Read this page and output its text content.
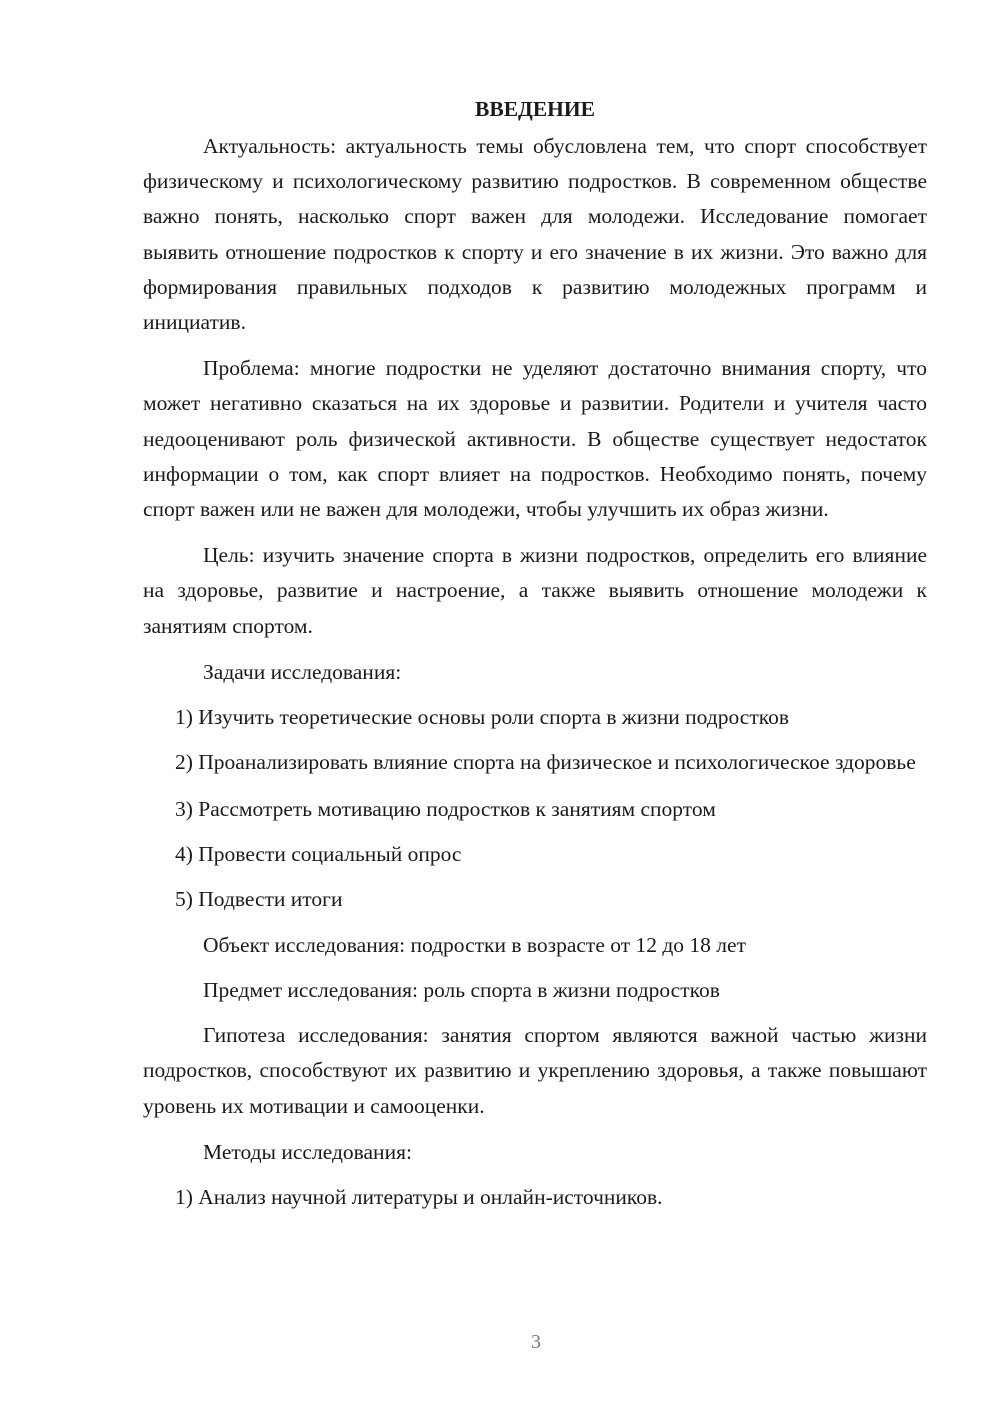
ВВЕДЕНИЕ

Актуальность: актуальность темы обусловлена тем, что спорт способствует физическому и психологическому развитию подростков. В современном обществе важно понять, насколько спорт важен для молодежи. Исследование помогает выявить отношение подростков к спорту и его значение в их жизни. Это важно для формирования правильных подходов к развитию молодежных программ и инициатив.

Проблема: многие подростки не уделяют достаточно внимания спорту, что может негативно сказаться на их здоровье и развитии. Родители и учителя часто недооценивают роль физической активности. В обществе существует недостаток информации о том, как спорт влияет на подростков. Необходимо понять, почему спорт важен или не важен для молодежи, чтобы улучшить их образ жизни.

Цель: изучить значение спорта в жизни подростков, определить его влияние на здоровье, развитие и настроение, а также выявить отношение молодежи к занятиям спортом.

Задачи исследования:

1) Изучить теоретические основы роли спорта в жизни подростков

2) Проанализировать влияние спорта на физическое и психологическое здоровье

3) Рассмотреть мотивацию подростков к занятиям спортом

4) Провести социальный опрос

5) Подвести итоги

Объект исследования: подростки в возрасте от 12 до 18 лет

Предмет исследования: роль спорта в жизни подростков

Гипотеза исследования: занятия спортом являются важной частью жизни подростков, способствуют их развитию и укреплению здоровья, а также повышают уровень их мотивации и самооценки.

Методы исследования:

1) Анализ научной литературы и онлайн-источников.

3
